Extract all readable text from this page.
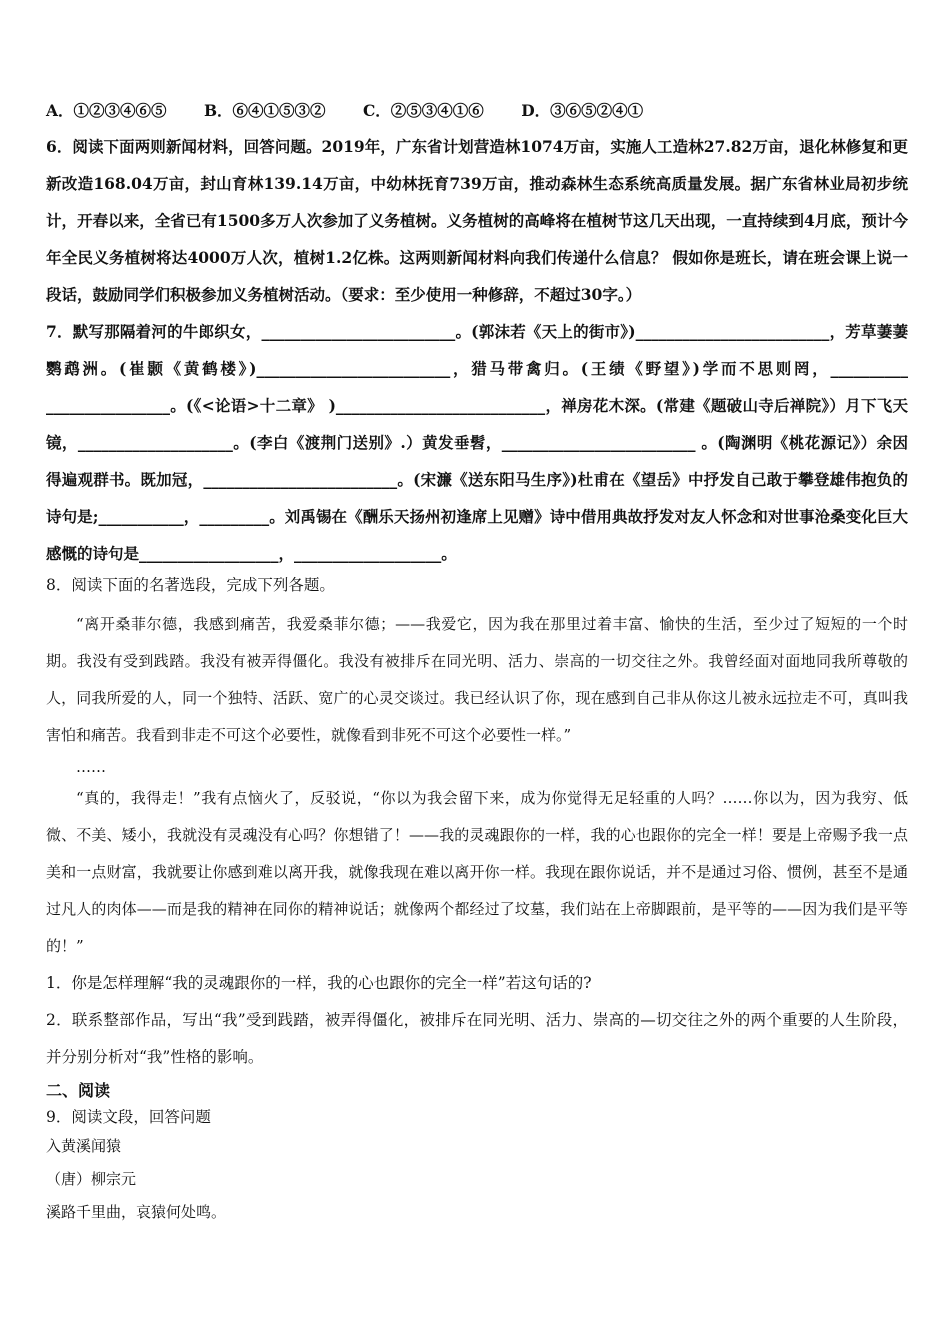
A．①②③④⑥⑤ B．⑥④①⑤③② C．②⑤③④①⑥ D．③⑥⑤②④①

6．阅读下面两则新闻材料，回答问题。2019年，广东省计划营造林1074万亩，实施人工造林27.82万亩，退化林修复和更新改造168.04万亩，封山育林139.14万亩，中幼林抚育739万亩，推动森林生态系统高质量发展。据广东省林业局初步统计，开春以来，全省已有1500多万人次参加了义务植树。义务植树的高峰将在植树节这几天出现，一直持续到4月底，预计今年全民义务植树将达4000万人次，植树1.2亿株。这两则新闻材料向我们传递什么信息？ 假如你是班长，请在班会课上说一段话，鼓励同学们积极参加义务植树活动。（要求：至少使用一种修辞，不超过30字。）

7．默写那隔着河的牛郎织女，_________________________。(郭沫若《天上的街市》)_________________________，芳草萋萋鹦鹉洲。(崔颢《黄鹤楼》)_________________________，猎马带禽归。(王绩《野望》)学而不思则罔，__________ ________________。(《<论语>十二章》 )___________________________，禅房花木深。(常建《题破山寺后禅院》）月下飞天镜，____________________。(李白《渡荆门送别》.）黄发垂髫，_________________________ 。(陶渊明《桃花源记》）余因得遍观群书。既加冠，_________________________。(宋濂《送东阳马生序》)杜甫在《望岳》中抒发自己敢于攀登雄伟抱负的诗句是;___________，_________。刘禹锡在《酬乐天扬州初逢席上见赠》诗中借用典故抒发对友人怀念和对世事沧桑变化巨大感慨的诗句是__________________，___________________。

8．阅读下面的名著选段，完成下列各题。

“离开桑菲尔德，我感到痛苦，我爱桑菲尔德；——我爱它，因为我在那里过着丰富、愉快的生活，至少过了短短的一个时期。我没有受到践踏。我没有被弄得僵化。我没有被排斥在同光明、活力、崇高的一切交往之外。我曾经面对面地同我所尊敬的人，同我所爱的人，同一个独特、活跃、宽广的心灵交谈过。我已经认识了你，现在感到自己非从你这儿被永远拉走不可，真叫我害怕和痛苦。我看到非走不可这个必要性，就像看到非死不可这个必要性一样。”

……

“真的，我得走！”我有点恼火了，反驳说，“你以为我会留下来，成为你觉得无足轻重的人吗？……你以为，因为我穷、低微、不美、矮小，我就没有灵魂没有心吗？你想错了！——我的灵魂跟你的一样，我的心也跟你的完全一样！要是上帝赐予我一点美和一点财富，我就要让你感到难以离开我，就像我现在难以离开你一样。我现在跟你说话，并不是通过习俗、惯例，甚至不是通过凡人的肉体——而是我的精神在同你的精神说话；就像两个都经过了坟墓，我们站在上帝脚跟前，是平等的——因为我们是平等的！”

1．你是怎样理解“我的灵魂跟你的一样，我的心也跟你的完全一样”若这句话的?

2．联系整部作品，写出“我”受到践踏，被弄得僵化，被排斥在同光明、活力、崇高的—切交往之外的两个重要的人生阶段，并分别分析对“我”性格的影响。

二、阅读

9．阅读文段，回答问题

入黄溪闻猿

（唐）柳宗元

溪路千里曲，哀猿何处鸣。
